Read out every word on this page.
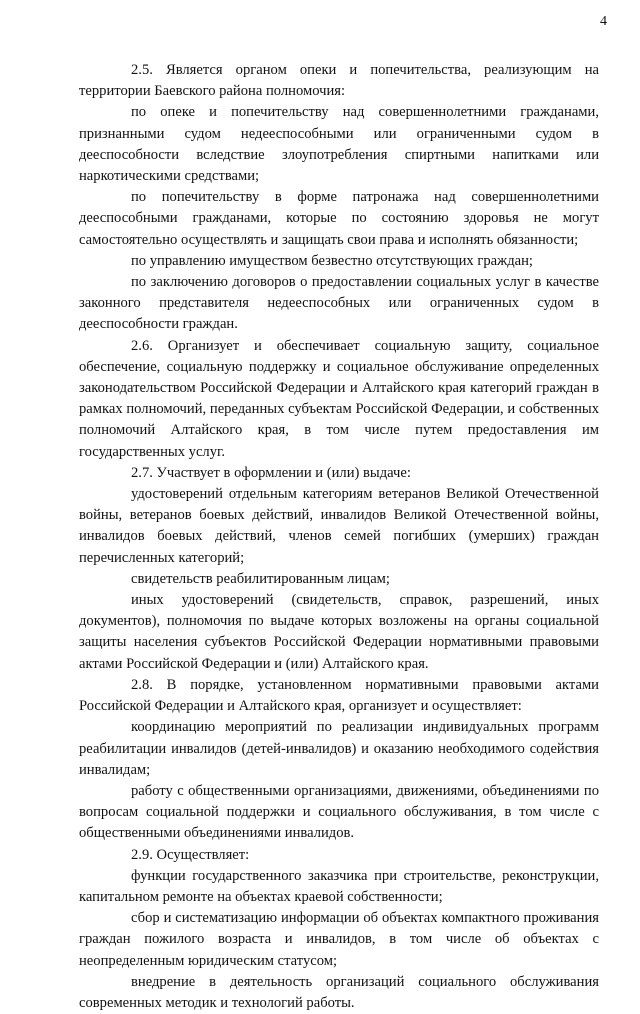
4

2.5. Является органом опеки и попечительства, реализующим на территории Баевского района полномочия:

по опеке и попечительству над совершеннолетними гражданами, признанными судом недееспособными или ограниченными судом в дееспособности вследствие злоупотребления спиртными напитками или наркотическими средствами;

по попечительству в форме патронажа над совершеннолетними дееспособными гражданами, которые по состоянию здоровья не могут самостоятельно осуществлять и защищать свои права и исполнять обязанности;

по управлению имуществом безвестно отсутствующих граждан;

по заключению договоров о предоставлении социальных услуг в качестве законного представителя недееспособных или ограниченных судом в дееспособности граждан.

2.6. Организует и обеспечивает социальную защиту, социальное обеспечение, социальную поддержку и социальное обслуживание определенных законодательством Российской Федерации и Алтайского края категорий граждан в рамках полномочий, переданных субъектам Российской Федерации, и собственных полномочий Алтайского края, в том числе путем предоставления им государственных услуг.

2.7. Участвует в оформлении и (или) выдаче:

удостоверений отдельным категориям ветеранов Великой Отечественной войны, ветеранов боевых действий, инвалидов Великой Отечественной войны, инвалидов боевых действий, членов семей погибших (умерших) граждан перечисленных категорий;

свидетельств реабилитированным лицам;

иных удостоверений (свидетельств, справок, разрешений, иных документов), полномочия по выдаче которых возложены на органы социальной защиты населения субъектов Российской Федерации нормативными правовыми актами Российской Федерации и (или) Алтайского края.

2.8. В порядке, установленном нормативными правовыми актами Российской Федерации и Алтайского края, организует и осуществляет:

координацию мероприятий по реализации индивидуальных программ реабилитации инвалидов (детей-инвалидов) и оказанию необходимого содействия инвалидам;

работу с общественными организациями, движениями, объединениями по вопросам социальной поддержки и социального обслуживания, в том числе с общественными объединениями инвалидов.

2.9. Осуществляет:

функции государственного заказчика при строительстве, реконструкции, капитальном ремонте на объектах краевой собственности;

сбор и систематизацию информации об объектах компактного проживания граждан пожилого возраста и инвалидов, в том числе об объектах с неопределенным юридическим статусом;

внедрение в деятельность организаций социального обслуживания современных методик и технологий работы.
